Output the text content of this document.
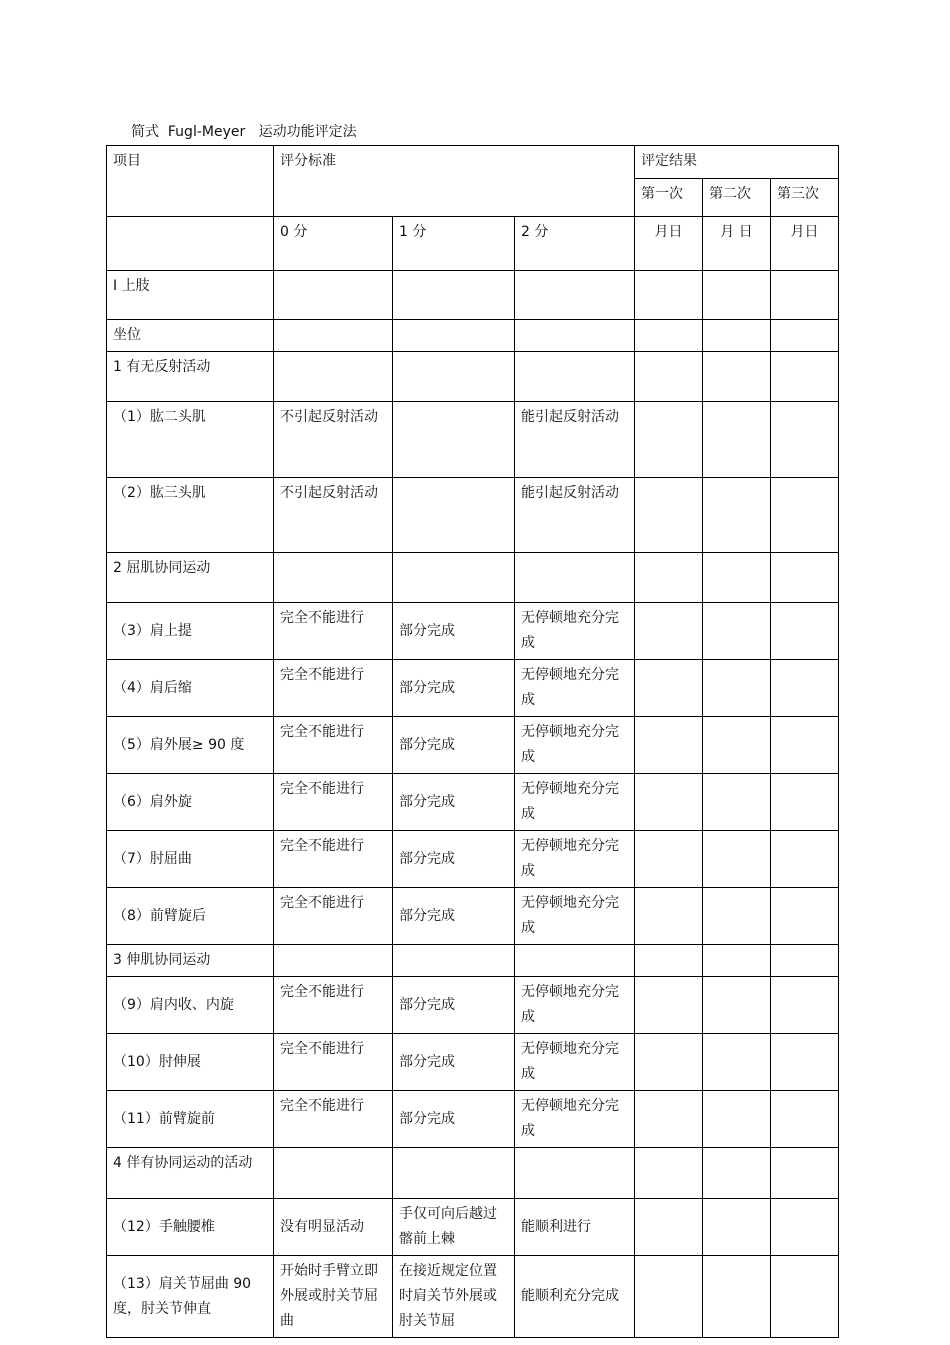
简式  Fugl-Meyer   运动功能评定法
项目	评分标准			评定结果		
				第一次	第二次	第三次
	0 分	1 分	2 分	月日	月 日	月日
Ⅰ 上肢						
坐位						
1 有无反射活动						
（1）肱二头肌	不引起反射活动		能引起反射活动			
（2）肱三头肌	不引起反射活动		能引起反射活动			
2 屈肌协同运动						
（3）肩上提	完全不能进行	部分完成	无停顿地充分完成			
（4）肩后缩	完全不能进行	部分完成	无停顿地充分完成			
（5）肩外展≥ 90 度	完全不能进行	部分完成	无停顿地充分完成			
（6）肩外旋	完全不能进行	部分完成	无停顿地充分完成			
（7）肘屈曲	完全不能进行	部分完成	无停顿地充分完成			
（8）前臂旋后	完全不能进行	部分完成	无停顿地充分完成			
3 伸肌协同运动						
（9）肩内收、内旋	完全不能进行	部分完成	无停顿地充分完成			
（10）肘伸展	完全不能进行	部分完成	无停顿地充分完成			
（11）前臂旋前	完全不能进行	部分完成	无停顿地充分完成			
4 伴有协同运动的活动						
（12）手触腰椎	没有明显活动	手仅可向后越过髂前上棘	能顺利进行			
（13）肩关节屈曲 90 度，肘关节伸直	开始时手臂立即外展或肘关节屈曲	在接近规定位置时肩关节外展或肘关节屈	能顺利充分完成			
